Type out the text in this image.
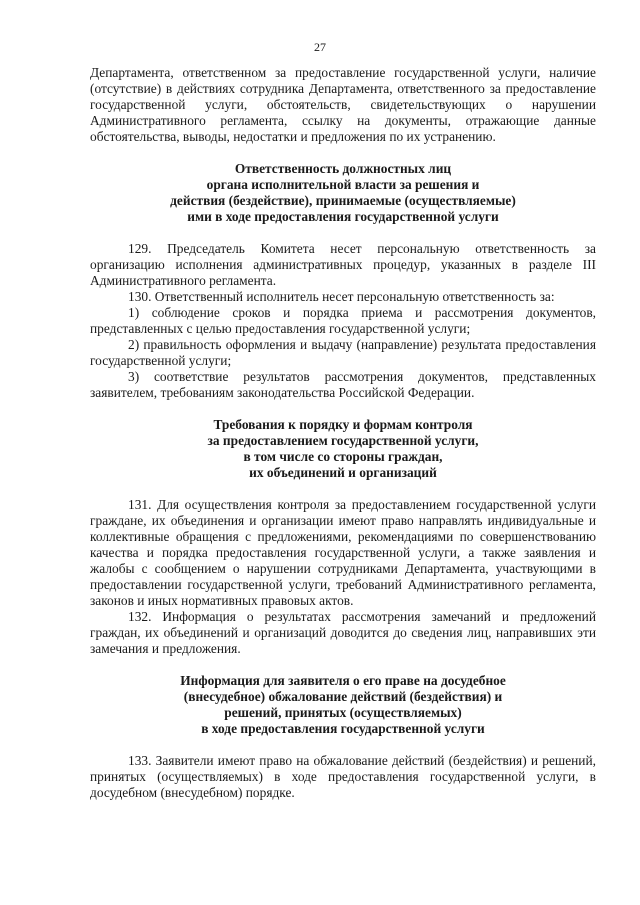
27

Департамента, ответственном за предоставление государственной услуги, наличие (отсутствие) в действиях сотрудника Департамента, ответственного за предоставление государственной услуги, обстоятельств, свидетельствующих о нарушении Административного регламента, ссылку на документы, отражающие данные обстоятельства, выводы, недостатки и предложения по их устранению.

Ответственность должностных лиц
органа исполнительной власти за решения и
действия (бездействие), принимаемые (осуществляемые)
ими в ходе предоставления государственной услуги

129. Председатель Комитета несет персональную ответственность за организацию исполнения административных процедур, указанных в разделе III Административного регламента.

130. Ответственный исполнитель несет персональную ответственность за:

1) соблюдение сроков и порядка приема и рассмотрения документов, представленных с целью предоставления государственной услуги;

2) правильность оформления и выдачу (направление) результата предоставления государственной услуги;

3) соответствие результатов рассмотрения документов, представленных заявителем, требованиям законодательства Российской Федерации.

Требования к порядку и формам контроля
за предоставлением государственной услуги,
в том числе со стороны граждан,
их объединений и организаций

131. Для осуществления контроля за предоставлением государственной услуги граждане, их объединения и организации имеют право направлять индивидуальные и коллективные обращения с предложениями, рекомендациями по совершенствованию качества и порядка предоставления государственной услуги, а также заявления и жалобы с сообщением о нарушении сотрудниками Департамента, участвующими в предоставлении государственной услуги, требований Административного регламента, законов и иных нормативных правовых актов.

132. Информация о результатах рассмотрения замечаний и предложений граждан, их объединений и организаций доводится до сведения лиц, направивших эти замечания и предложения.

Информация для заявителя о его праве на досудебное
(внесудебное) обжалование действий (бездействия) и
решений, принятых (осуществляемых)
в ходе предоставления государственной услуги

133. Заявители имеют право на обжалование действий (бездействия) и решений, принятых (осуществляемых) в ходе предоставления государственной услуги, в досудебном (внесудебном) порядке.
